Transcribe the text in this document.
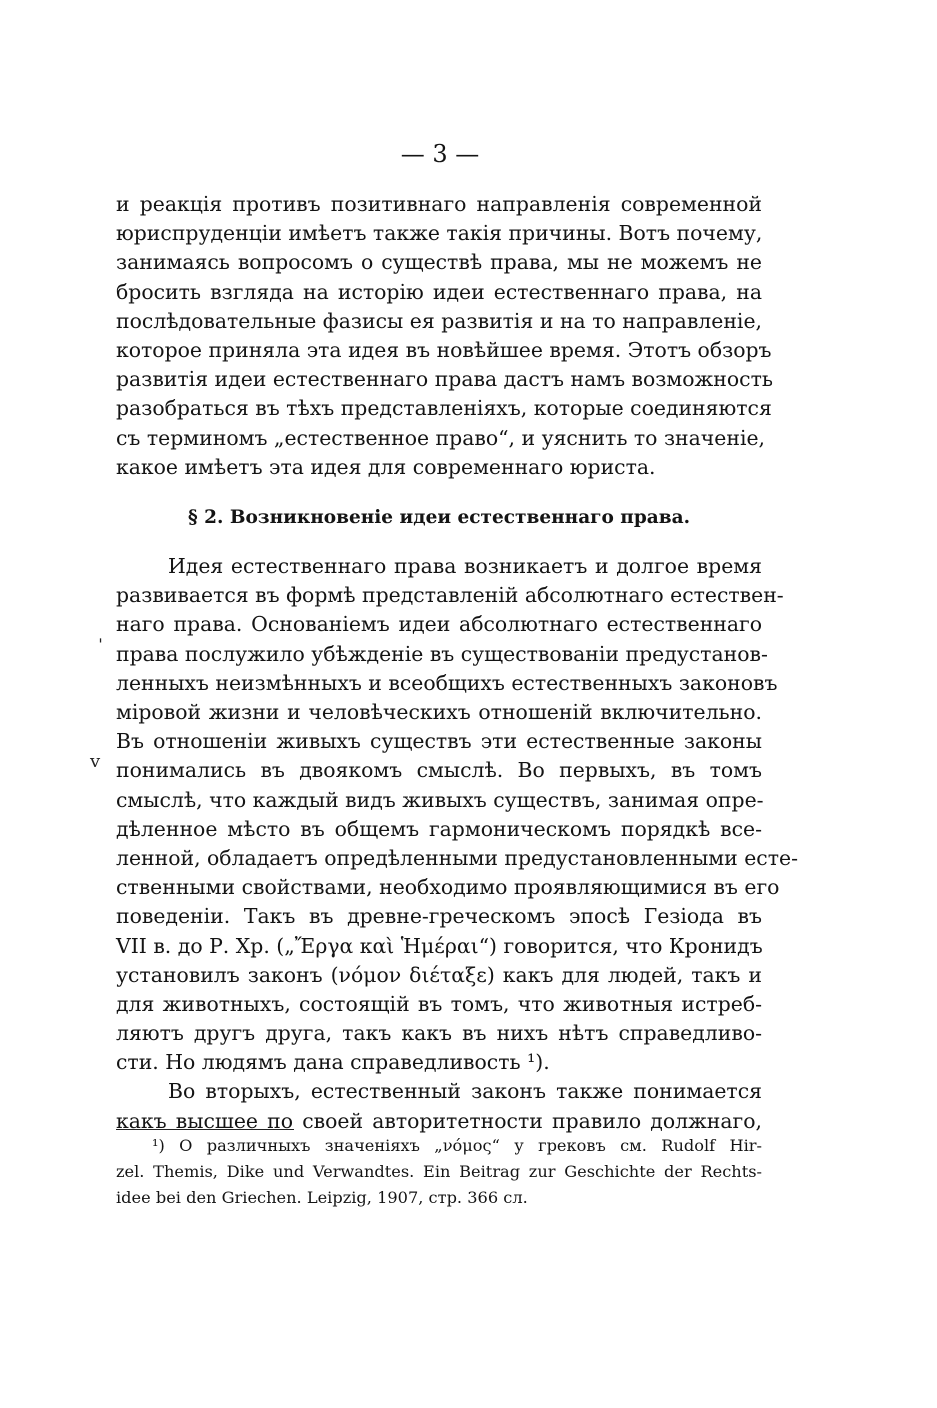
— 3 —
и реакція противъ позитивнаго направленія современной
юриспруденціи имѣетъ также такія причины. Вотъ почему,
занимаясь вопросомъ о существѣ права, мы не можемъ не
бросить взгляда на исторію идеи естественнаго права, на
послѣдовательные фазисы ея развитія и на то направленіе,
которое приняла эта идея въ новѣйшее время. Этотъ обзоръ
развитія идеи естественнаго права дастъ намъ возможность
разобраться въ тѣхъ представленіяхъ, которые соединяются
съ терминомъ „естественное право“, и уяснить то значеніе,
какое имѣетъ эта идея для современнаго юриста.
§ 2. Возникновеніе идеи естественнаго права.
Идея естественнаго права возникаетъ и долгое время
развивается въ формѣ представленій абсолютнаго естествен-
наго права. Основаніемъ идеи абсолютнаго естественнаго
права послужило убѣжденіе въ существованіи предустанов-
ленныхъ неизмѣнныхъ и всеобщихъ естественныхъ законовъ
міровой жизни и человѣческихъ отношеній включительно.
Въ отношеніи живыхъ существъ эти естественные законы
понимались въ двоякомъ смыслѣ. Во первыхъ, въ томъ
смыслѣ, что каждый видъ живыхъ существъ, занимая опре-
дѣленное мѣсто въ общемъ гармоническомъ порядкѣ все-
ленной, обладаетъ опредѣленными предустановленными есте-
ственными свойствами, необходимо проявляющимися въ его
поведеніи. Такъ въ древне-греческомъ эпосѣ Гезіода въ
VII в. до Р. Хр. („Ἔργα καὶ Ἡμέραι“) говорится, что Кронидъ
установилъ законъ (νόμον διέταξε) какъ для людей, такъ и
для животныхъ, состоящій въ томъ, что животныя истреб-
ляютъ другъ друга, такъ какъ въ нихъ нѣтъ справедливо-
сти. Но людямъ дана справедливость ¹).
Во вторыхъ, естественный законъ также понимается
какъ высшее по своей авторитетности правило должнаго,
¹) О различныхъ значеніяхъ „νόμος“ у грековъ см. Rudolf Hir-
zel. Themis, Dike und Verwandtes. Ein Beitrag zur Geschichte der Rechts-
idee bei den Griechen. Leipzig, 1907, стр. 366 сл.
ˈ
v
